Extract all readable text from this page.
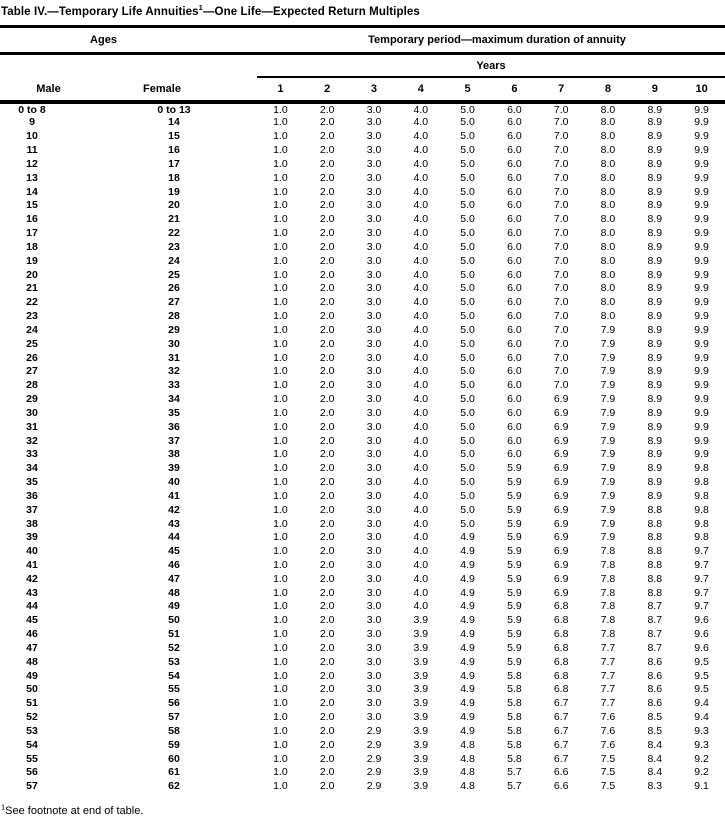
Table IV.—Temporary Life Annuities$^1$—One Life—Expected Return Multiples
Ages		Temporary period—maximum duration of annuity									
		Years									
Male	Female	1	2	3	4	5	6	7	8	9	10
0 to 8	0 to 13	1.0	2.0	3.0	4.0	5.0	6.0	7.0	8.0	8.9	9.9
9	14	1.0	2.0	3.0	4.0	5.0	6.0	7.0	8.0	8.9	9.9
10	15	1.0	2.0	3.0	4.0	5.0	6.0	7.0	8.0	8.9	9.9
11	16	1.0	2.0	3.0	4.0	5.0	6.0	7.0	8.0	8.9	9.9
12	17	1.0	2.0	3.0	4.0	5.0	6.0	7.0	8.0	8.9	9.9
13	18	1.0	2.0	3.0	4.0	5.0	6.0	7.0	8.0	8.9	9.9
14	19	1.0	2.0	3.0	4.0	5.0	6.0	7.0	8.0	8.9	9.9
15	20	1.0	2.0	3.0	4.0	5.0	6.0	7.0	8.0	8.9	9.9
16	21	1.0	2.0	3.0	4.0	5.0	6.0	7.0	8.0	8.9	9.9
17	22	1.0	2.0	3.0	4.0	5.0	6.0	7.0	8.0	8.9	9.9
18	23	1.0	2.0	3.0	4.0	5.0	6.0	7.0	8.0	8.9	9.9
19	24	1.0	2.0	3.0	4.0	5.0	6.0	7.0	8.0	8.9	9.9
20	25	1.0	2.0	3.0	4.0	5.0	6.0	7.0	8.0	8.9	9.9
21	26	1.0	2.0	3.0	4.0	5.0	6.0	7.0	8.0	8.9	9.9
22	27	1.0	2.0	3.0	4.0	5.0	6.0	7.0	8.0	8.9	9.9
23	28	1.0	2.0	3.0	4.0	5.0	6.0	7.0	8.0	8.9	9.9
24	29	1.0	2.0	3.0	4.0	5.0	6.0	7.0	7.9	8.9	9.9
25	30	1.0	2.0	3.0	4.0	5.0	6.0	7.0	7.9	8.9	9.9
26	31	1.0	2.0	3.0	4.0	5.0	6.0	7.0	7.9	8.9	9.9
27	32	1.0	2.0	3.0	4.0	5.0	6.0	7.0	7.9	8.9	9.9
28	33	1.0	2.0	3.0	4.0	5.0	6.0	7.0	7.9	8.9	9.9
29	34	1.0	2.0	3.0	4.0	5.0	6.0	6.9	7.9	8.9	9.9
30	35	1.0	2.0	3.0	4.0	5.0	6.0	6.9	7.9	8.9	9.9
31	36	1.0	2.0	3.0	4.0	5.0	6.0	6.9	7.9	8.9	9.9
32	37	1.0	2.0	3.0	4.0	5.0	6.0	6.9	7.9	8.9	9.9
33	38	1.0	2.0	3.0	4.0	5.0	6.0	6.9	7.9	8.9	9.9
34	39	1.0	2.0	3.0	4.0	5.0	5.9	6.9	7.9	8.9	9.8
35	40	1.0	2.0	3.0	4.0	5.0	5.9	6.9	7.9	8.9	9.8
36	41	1.0	2.0	3.0	4.0	5.0	5.9	6.9	7.9	8.9	9.8
37	42	1.0	2.0	3.0	4.0	5.0	5.9	6.9	7.9	8.8	9.8
38	43	1.0	2.0	3.0	4.0	5.0	5.9	6.9	7.9	8.8	9.8
39	44	1.0	2.0	3.0	4.0	4.9	5.9	6.9	7.9	8.8	9.8
40	45	1.0	2.0	3.0	4.0	4.9	5.9	6.9	7.8	8.8	9.7
41	46	1.0	2.0	3.0	4.0	4.9	5.9	6.9	7.8	8.8	9.7
42	47	1.0	2.0	3.0	4.0	4.9	5.9	6.9	7.8	8.8	9.7
43	48	1.0	2.0	3.0	4.0	4.9	5.9	6.9	7.8	8.8	9.7
44	49	1.0	2.0	3.0	4.0	4.9	5.9	6.8	7.8	8.7	9.7
45	50	1.0	2.0	3.0	3.9	4.9	5.9	6.8	7.8	8.7	9.6
46	51	1.0	2.0	3.0	3.9	4.9	5.9	6.8	7.8	8.7	9.6
47	52	1.0	2.0	3.0	3.9	4.9	5.9	6.8	7.7	8.7	9.6
48	53	1.0	2.0	3.0	3.9	4.9	5.9	6.8	7.7	8.6	9.5
49	54	1.0	2.0	3.0	3.9	4.9	5.8	6.8	7.7	8.6	9.5
50	55	1.0	2.0	3.0	3.9	4.9	5.8	6.8	7.7	8.6	9.5
51	56	1.0	2.0	3.0	3.9	4.9	5.8	6.7	7.7	8.6	9.4
52	57	1.0	2.0	3.0	3.9	4.9	5.8	6.7	7.6	8.5	9.4
53	58	1.0	2.0	2.9	3.9	4.9	5.8	6.7	7.6	8.5	9.3
54	59	1.0	2.0	2.9	3.9	4.8	5.8	6.7	7.6	8.4	9.3
55	60	1.0	2.0	2.9	3.9	4.8	5.8	6.7	7.5	8.4	9.2
56	61	1.0	2.0	2.9	3.9	4.8	5.7	6.6	7.5	8.4	9.2
57	62	1.0	2.0	2.9	3.9	4.8	5.7	6.6	7.5	8.3	9.1
$^1$See footnote at end of table.
